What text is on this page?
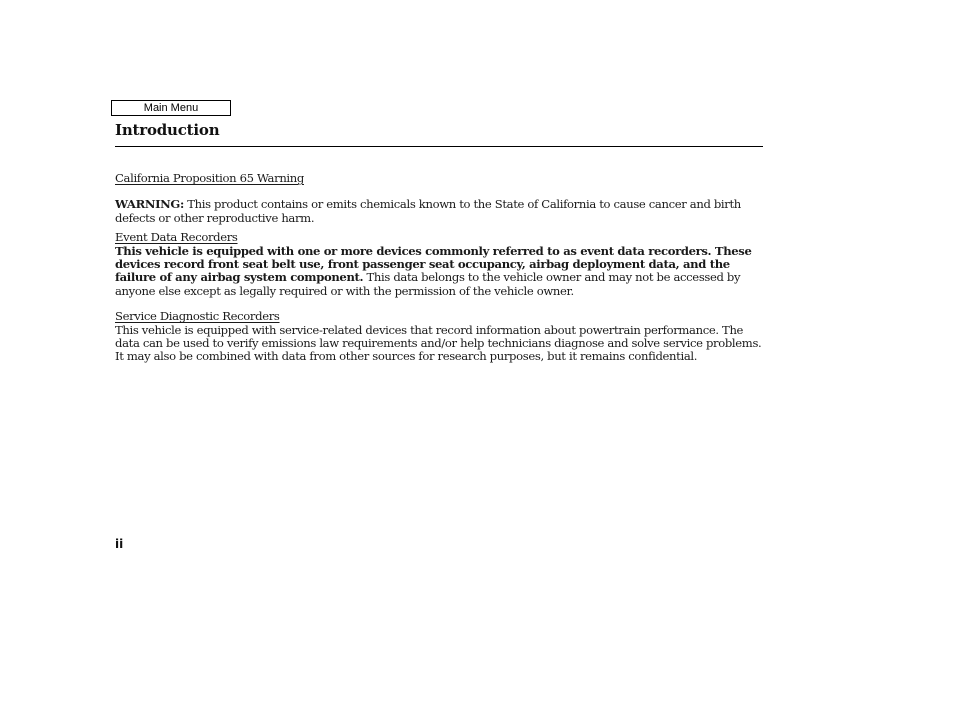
Main Menu
Introduction
California Proposition 65 Warning

WARNING: This product contains or emits chemicals known to the State of California to cause cancer and birth defects or other reproductive harm.

Event Data Recorders

This vehicle is equipped with one or more devices commonly referred to as event data recorders. These devices record front seat belt use, front passenger seat occupancy, airbag deployment data, and the failure of any airbag system component. This data belongs to the vehicle owner and may not be accessed by anyone else except as legally required or with the permission of the vehicle owner.

Service Diagnostic Recorders

This vehicle is equipped with service-related devices that record information about powertrain performance. The data can be used to verify emissions law requirements and/or help technicians diagnose and solve service problems. It may also be combined with data from other sources for research purposes, but it remains confidential.

ii
